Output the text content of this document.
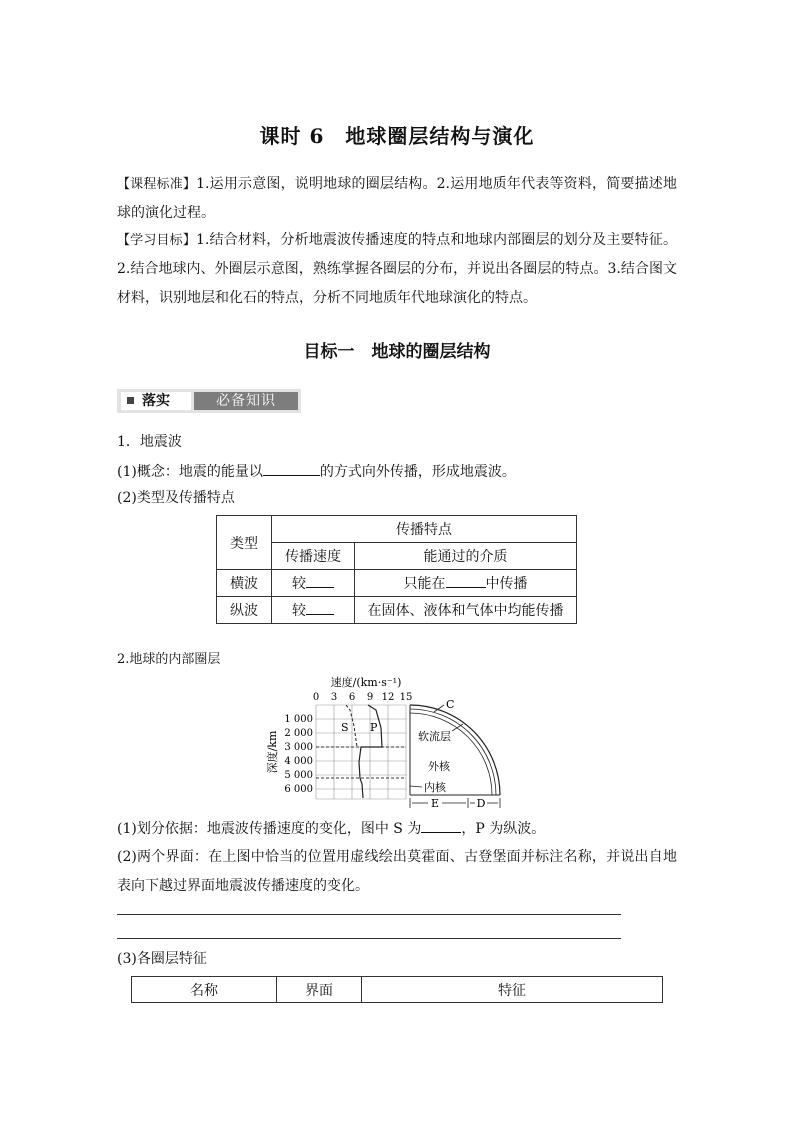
课时 6　地球圈层结构与演化
【课程标准】1.运用示意图，说明地球的圈层结构。2.运用地质年代表等资料，简要描述地球的演化过程。
【学习目标】1.结合材料，分析地震波传播速度的特点和地球内部圈层的划分及主要特征。2.结合地球内、外圈层示意图，熟练掌握各圈层的分布，并说出各圈层的特点。3.结合图文材料，识别地层和化石的特点，分析不同地质年代地球演化的特点。
目标一　地球的圈层结构
落实	必备知识
1．地震波
(1)概念：地震的能量以	的方式向外传播，形成地震波。
(2)类型及传播特点
类型	传播特点	
	传播速度	能通过的介质
横波	较	只能在 中传播
纵波	较	在固体、液体和气体中均能传播
2.地球的内部圈层
速度/(km·s⁻¹)
0 3 6 9 12 15
深度/km
1 000
2 000
3 000
4 000
5 000
6 000
S P
C
软流层
外核
内核
E	D
(1)划分依据：地震波传播速度的变化，图中 S 为	，P 为纵波。
(2)两个界面：在上图中恰当的位置用虚线绘出莫霍面、古登堡面并标注名称，并说出自地表向下越过界面地震波传播速度的变化。
(3)各圈层特征
名称	界面	特征
